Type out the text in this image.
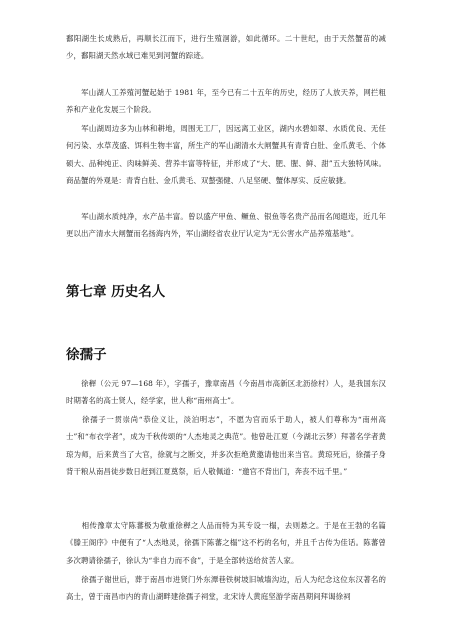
鄱阳湖生长成熟后，再顺长江而下，进行生殖洄游，如此循环。二十世纪，由于天然蟹苗的减少，鄱阳湖天然水域已难见到河蟹的踪迹。

　　军山湖人工养殖河蟹起始于 1981 年，至今已有二十五年的历史，经历了人放天养，网拦粗养和产业化发展三个阶段。

　　军山湖周边多为山林和耕地，周围无工厂，因远离工业区，湖内水碧如翠、水质优良、无任何污染、水草茂盛、饵料生物丰富，所生产的军山湖清水大闸蟹具有青背白肚、金爪黄毛、个体硕大、品种纯正、肉味鲜美、营养丰富等特征，并形成了“大、肥、腥、鲜、甜”五大独特风味。商品蟹的外观是：青背白肚、金爪黄毛、双螯强健、八足坚硬、蟹体厚实、反应敏捷。

　　军山湖水质纯净，水产品丰富。曾以盛产甲鱼、鳜鱼、银鱼等名贵产品而名闻遐迩，近几年更以出产清水大闸蟹而名扬海内外，军山湖经省农业厅认定为“无公害水产品养殖基地”。

第七章 历史名人
徐孺子

　　徐稺（公元 97—168 年），字孺子，豫章南昌（今南昌市高新区北沥徐村）人，是我国东汉时期著名的高士贤人，经学家，世人称“南州高士”。

　　徐孺子一贯崇尚“恭俭义让，淡泊明志”，不愿为官而乐于助人，被人们尊称为“南州高士”和“布衣学者”，成为千秋传颂的“人杰地灵之典范”。他曾赴江夏（今湖北云梦）拜著名学者黄琼为师，后来黄当了大官，徐就与之断交，并多次拒绝黄邀请他出来当官。黄琼死后，徐孺子身背干粮从南昌徒步数日赶到江夏奠祭，后人敬佩道：“邀官不背出门，奔丧不远千里。”

　　相传豫章太守陈蕃极为敬重徐稺之人品而特为其专设一榻，去则悬之。于是在王勃的名篇《滕王阁序》中便有了“人杰地灵，徐孺下陈蕃之榻”这不朽的名句，并且千古传为佳话。陈蕃曾多次聘请徐孺子，徐认为“非自力而不食”，于是全部转送给贫苦人家。

　　徐孺子谢世后，葬于南昌市进贤门外东潭巷铁树坡旧城墙沟边，后人为纪念这位东汉著名的高士，曾于南昌市内的青山湖畔建徐孺子祠堂，北宋诗人黄庭坚游学南昌期间拜谒徐祠
